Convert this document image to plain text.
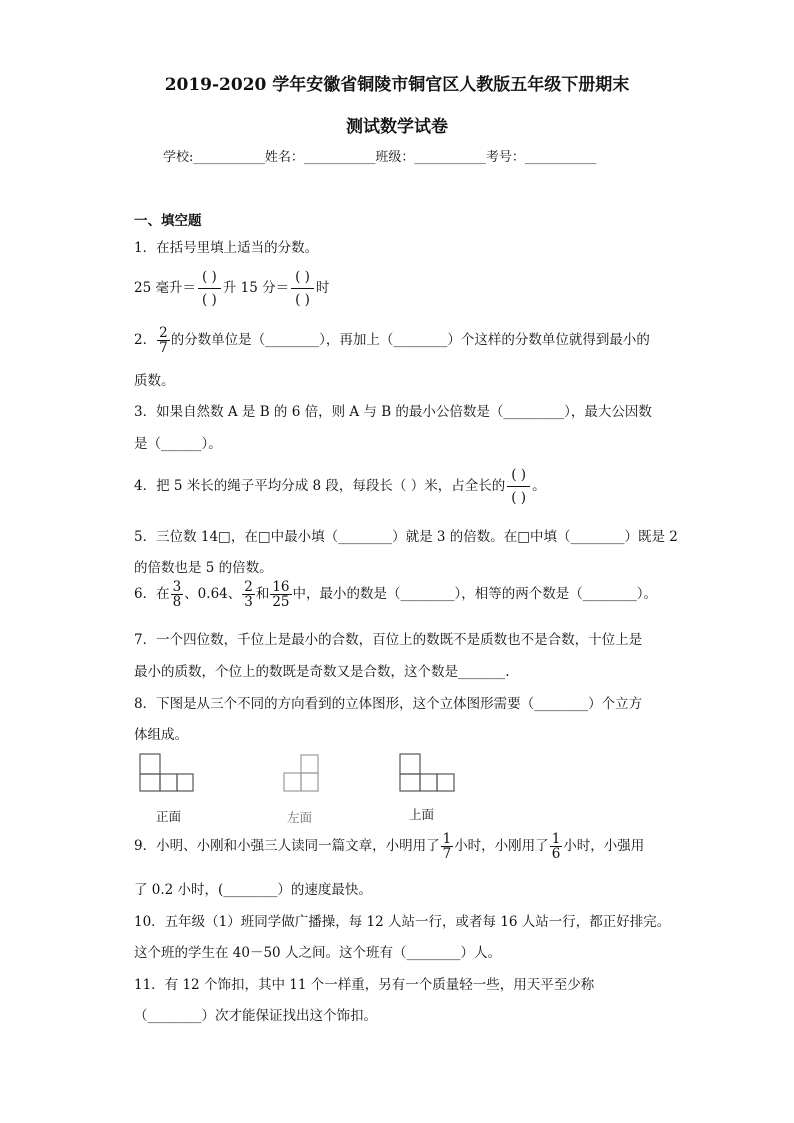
2019-2020 学年安徽省铜陵市铜官区人教版五年级下册期末
测试数学试卷
学校:___________姓名：___________班级：___________考号：___________
一、填空题
1．在括号里填上适当的分数。
25 毫升＝
( )
( )
升 15 分＝
( )
( )
时
2． $\frac{2}{7}$ 的分数单位是（________），再加上（________）个这样的分数单位就得到最小的
质数。
3．如果自然数 A 是 B 的 6 倍，则 A 与 B 的最小公倍数是（_________），最大公因数
是（______）。
4．把 5 米长的绳子平均分成 8 段，每段长（ ）米，占全长的
( )
( )
。
5．三位数 14□，在□中最小填（________）就是 3 的倍数。在□中填（________）既是 2
的倍数也是 5 的倍数。
6．在 $\frac{3}{8}$ 、0.64、 $\frac{2}{3}$ 和 $\frac{16}{25}$ 中，最小的数是（________），相等的两个数是（________）。
7．一个四位数，千位上是最小的合数，百位上的数既不是质数也不是合数，十位上是
最小的质数，个位上的数既是奇数又是合数，这个数是_______.
8．下图是从三个不同的方向看到的立体图形，这个立体图形需要（________）个立方
体组成。
正面	左面	上面
9．小明、小刚和小强三人读同一篇文章，小明用了 $\frac{1}{7}$ 小时，小刚用了 $\frac{1}{6}$ 小时，小强用
了 0.2 小时，(________）的速度最快。
10．五年级（1）班同学做广播操，每 12 人站一行，或者每 16 人站一行，都正好排完。
这个班的学生在 40－50 人之间。这个班有（________）人。
11．有 12 个饰扣，其中 11 个一样重，另有一个质量轻一些，用天平至少称
（________）次才能保证找出这个饰扣。
